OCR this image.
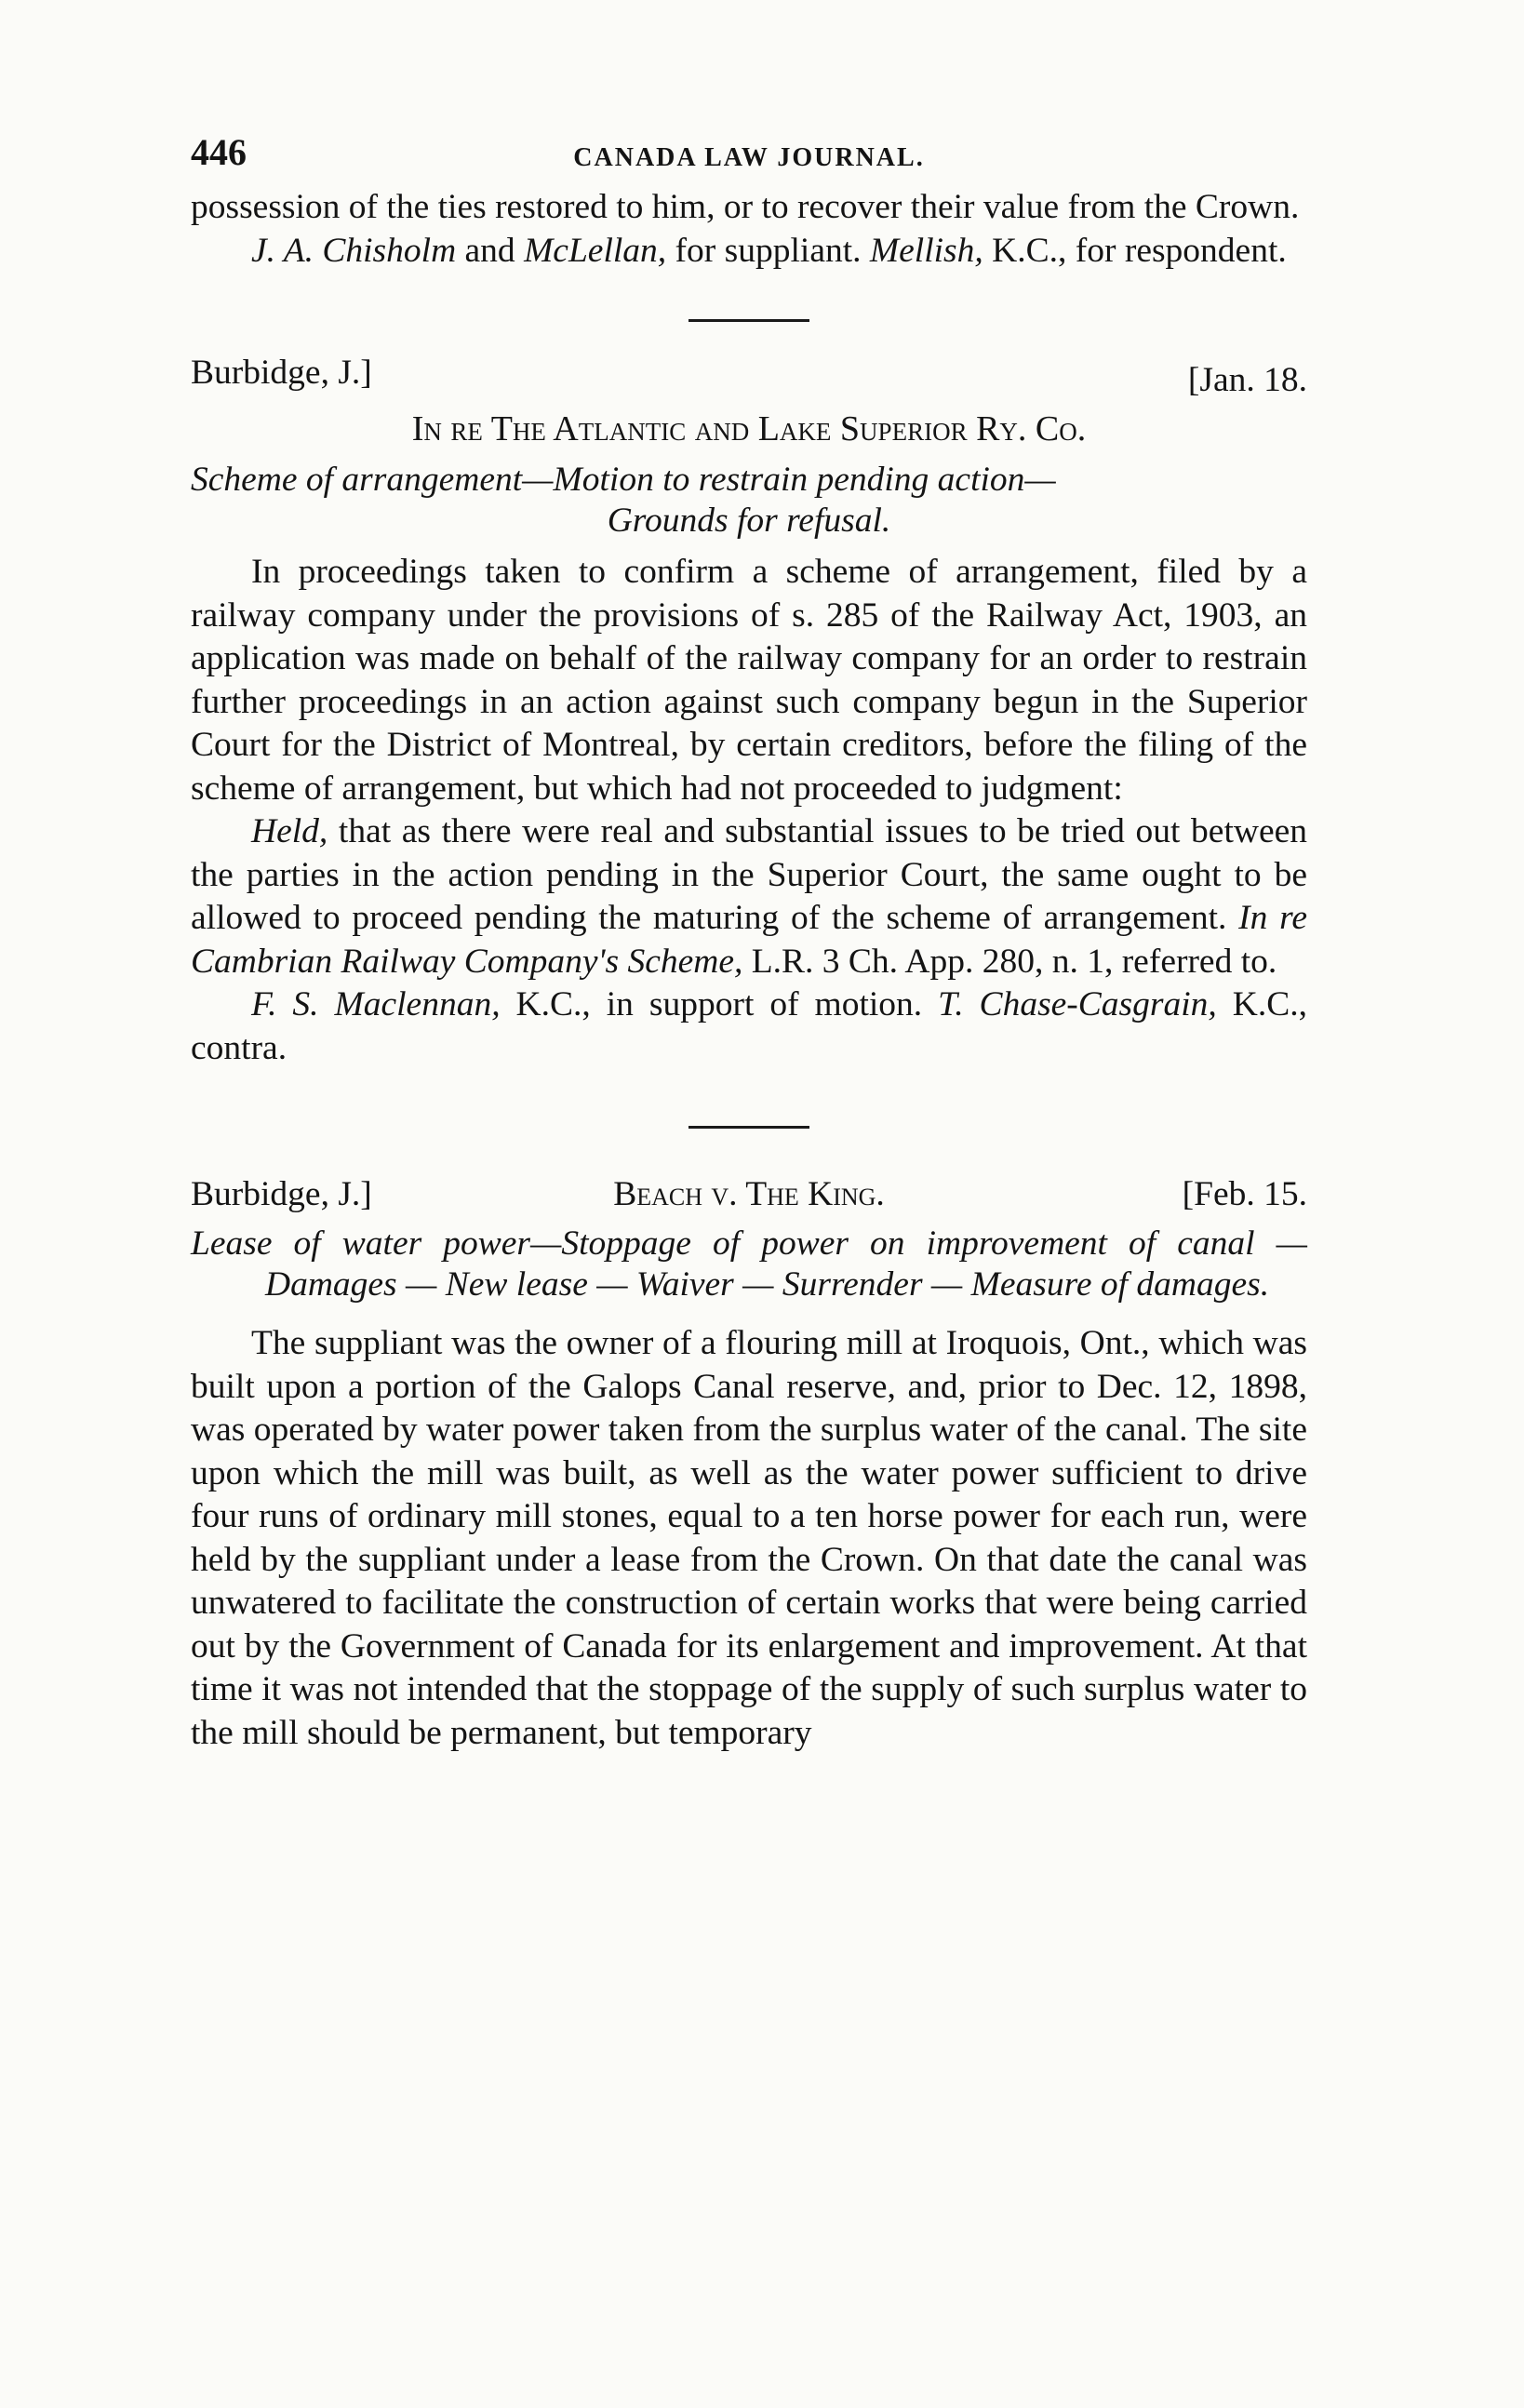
446	CANADA LAW JOURNAL.

possession of the ties restored to him, or to recover their value from the Crown.

J. A. Chisholm and McLellan, for suppliant. Mellish, K.C., for respondent.

Burbidge, J.]	[Jan. 18.
In re The Atlantic and Lake Superior Ry. Co.
Scheme of arrangement—Motion to restrain pending action—
Grounds for refusal.

In proceedings taken to confirm a scheme of arrangement, filed by a railway company under the provisions of s. 285 of the Railway Act, 1903, an application was made on behalf of the railway company for an order to restrain further proceedings in an action against such company begun in the Superior Court for the District of Montreal, by certain creditors, before the filing of the scheme of arrangement, but which had not proceeded to judgment:

Held, that as there were real and substantial issues to be tried out between the parties in the action pending in the Superior Court, the same ought to be allowed to proceed pending the maturing of the scheme of arrangement. In re Cambrian Railway Company's Scheme, L.R. 3 Ch. App. 280, n. 1, referred to.

F. S. Maclennan, K.C., in support of motion. T. Chase-Casgrain, K.C., contra.

Burbidge, J.]	Beach v. The King.	[Feb. 15.

Lease of water power—Stoppage of power on improvement of canal — Damages — New lease — Waiver — Surrender — Measure of damages.

The suppliant was the owner of a flouring mill at Iroquois, Ont., which was built upon a portion of the Galops Canal reserve, and, prior to Dec. 12, 1898, was operated by water power taken from the surplus water of the canal. The site upon which the mill was built, as well as the water power sufficient to drive four runs of ordinary mill stones, equal to a ten horse power for each run, were held by the suppliant under a lease from the Crown. On that date the canal was unwatered to facilitate the construction of certain works that were being carried out by the Government of Canada for its enlargement and improvement. At that time it was not intended that the stoppage of the supply of such surplus water to the mill should be permanent, but temporary
